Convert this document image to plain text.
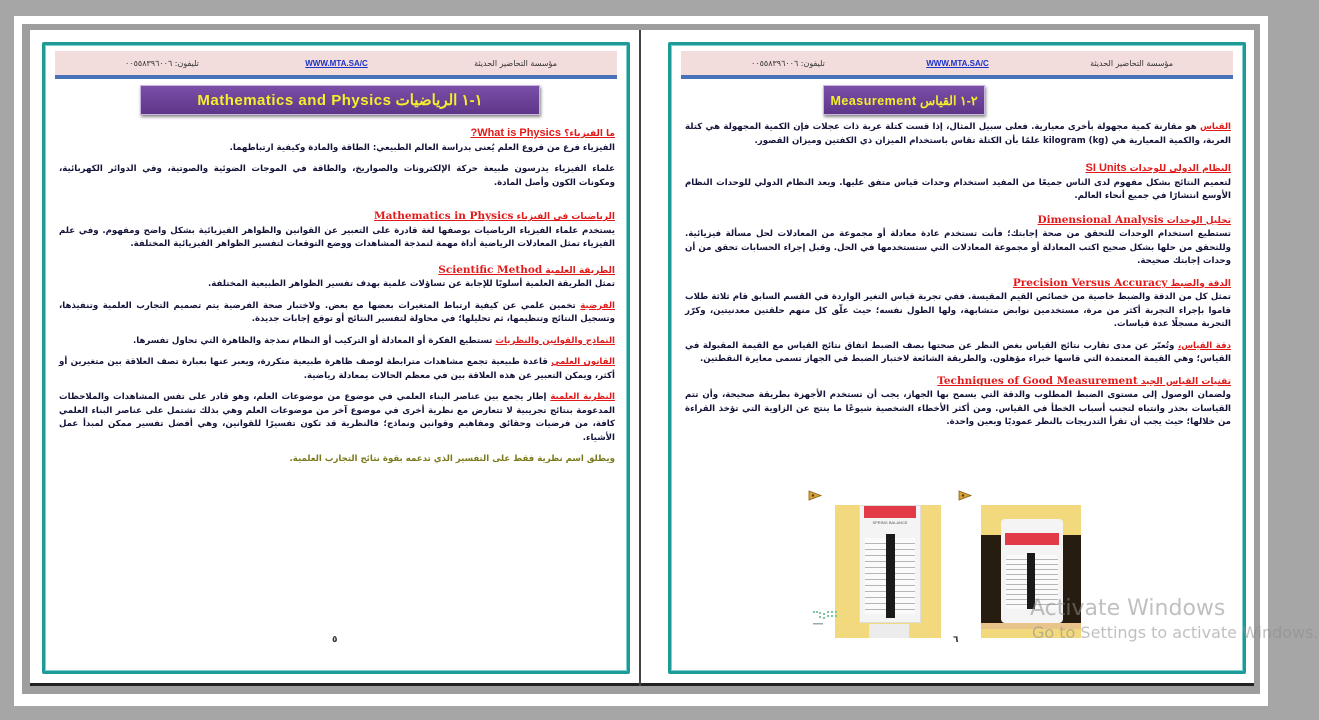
تليفون: ٠٠٥٥٨٣٩٦٠٠٦	WWW.MTA.SA/C	مؤسسة التحاضير الحديثة
١-١ الرياضيات Mathematics and Physics
ما الفيزياء؟ What is Physics?

الفيزياء فرع من فروع العلم يُعنى بدراسة العالم الطبيعي: الطاقة والمادة وكيفية ارتباطهما.

علماء الفيزياء يدرسون طبيعة حركة الإلكترونات والصواريخ، والطاقة في الموجات الضوئية والصوتية، وفي الدوائر الكهربائية، ومكونات الكون وأصل المادة.

الرياضيات في الفيزياء Mathematics in Physics

يستخدم علماء الفيزياء الرياضيات بوصفها لغة قادرة على التعبير عن القوانين والظواهر الفيزيائية بشكل واضح ومفهوم. وفي علم الفيزياء تمثل المعادلات الرياضية أداة مهمة لنمذجة المشاهدات ووضع التوقعات لتفسير الظواهر الفيزيائية المختلفة.

الطريقة العلمية Scientific Method

تمثل الطريقة العلمية أسلوبًا للإجابة عن تساؤلات علمية بهدف تفسير الظواهر الطبيعية المختلفة.

الفرضية تخمين علمي عن كيفية ارتباط المتغيرات بعضها مع بعض. ولاختبار صحة الفرضية يتم تصميم التجارب العلمية وتنفيذها، وتسجيل النتائج وتنظيمها، ثم تحليلها؛ في محاولة لتفسير النتائج أو توقع إجابات جديدة.

النماذج والقوانين والنظريات تستطيع الفكرة أو المعادلة أو التركيب أو النظام نمذجة والظاهرة التي تحاول تفسرها.

القانون العلمي قاعدة طبيعية تجمع مشاهدات مترابطة لوصف ظاهرة طبيعية متكررة، ويعبر عنها بعبارة تصف العلاقة بين متغيرين أو أكثر، ويمكن التعبير عن هذه العلاقة بين في معظم الحالات بمعادلة رياضية.

النظرية العلمية إطار يجمع بين عناصر البناء العلمي في موضوع من موضوعات العلم، وهو قادر على تفس المشاهدات والملاحظات المدعومة بنتائج تجريبية لا تتعارض مع نظرية أخرى في موضوع آخر من موضوعات العلم وهي بذلك تشتمل على عناصر البناء العلمي كافة، من فرضيات وحقائق ومفاهيم وقوانين ونماذج؛ فالنظرية قد تكون تفسيرًا للقوانين، وهي أفضل تفسير ممكن لمبدأ عمل الأشياء.

ويطلق اسم نظرية فقط على التفسير الذي تدعمه بقوة نتائج التجارب العلمية.

٥
تليفون: ٠٠٥٥٨٣٩٦٠٠٦	WWW.MTA.SA/C	مؤسسة التحاضير الحديثة
٢-١ القياس Measurement

القياس هو مقارنة كمية مجهولة بأخرى معيارية. فعلى سبيل المثال، إذا قست كتلة عربة ذات عجلات فإن الكمية المجهولة هي كتلة العربة، والكمية المعيارية هي (kg) kilogram علمًا بأن الكتلة تقاس باستخدام الميزان ذي الكفتين وميزان القصور.

النظام الدولي للوحدات SI Units

لتعميم النتائج بشكل مفهوم لدى الناس جميعًا من المفيد استخدام وحدات قياس متفق عليها. ويعد النظام الدولي للوحدات النظام الأوسع انتشارًا في جميع أنحاء العالم.

تحليل الوحدات Dimensional Analysis

تستطيع استخدام الوحدات للتحقق من صحة إجابتك؛ فأنت تستخدم عادة معادلة أو مجموعة من المعادلات لحل مسألة فيزيائية. وللتحقق من حلها بشكل صحيح اكتب المعادلة أو مجموعة المعادلات التي ستستخدمها في الحل. وقبل إجراء الحسابات تحقق من أن وحدات إجابتك صحيحة.

الدقة والضبط Precision Versus Accuracy

تمثل كل من الدقة والضبط خاصية من خصائص القيم المقيسة. ففي تجربة قياس التغير الواردة في القسم السابق قام ثلاثة طلاب قاموا بإجراء التجربة أكثر من مرة، مستخدمين نوابض متشابهة، ولها الطول نفسه؛ حيث علّق كل منهم حلقتين معدنيتين، وكرّر التجربة مسجلًا عدة قياسات.

دقة القياس، وتُعبّر عن مدى تقارب نتائج القياس بغض النظر عن صحتها بصف الضبط اتفاق نتائج القياس مع القيمة المقبولة في القياس؛ وهي القيمة المعتمدة التي قاسها خبراء مؤهلون. والطريقة الشائعة لاختبار الضبط في الجهاز تسمى معايرة النقطتين.

تقنيات القياس الجيد Techniques of Good Measurement

ولضمان الوصول إلى مستوى الضبط المطلوب والدقة التي يسمح بها الجهاز، يجب أن تستخدم الأجهزة بطريقة صحيحة، وأن تتم القياسات بحذر وانتباه لتجنب أسباب الخطأ في القياس. ومن أكثر الأخطاء الشخصية شيوعًا ما ينتج عن الزاوية التي تؤخذ القراءة من خلالها؛ حيث يجب أن تقرأ التدريجات بالنظر عموديًا وبعين واحدة.

SPRING BALANCE
٦
Activate Windows
Go to Settings to activate Windows.
